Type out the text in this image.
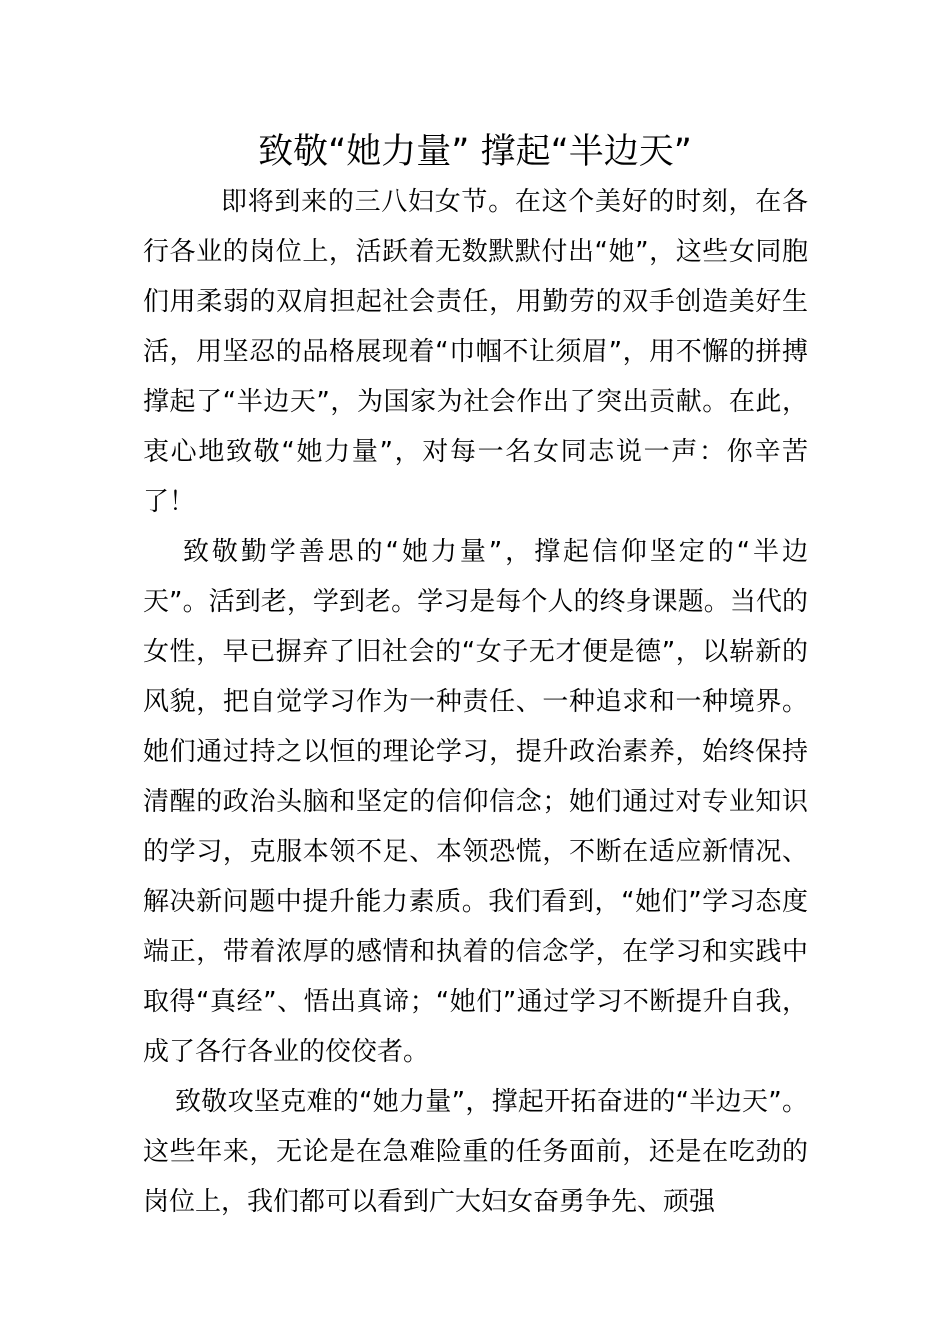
致敬“她力量” 撑起“半边天”

即将到来的三八妇女节。在这个美好的时刻，在各行各业的岗位上，活跃着无数默默付出“她”，这些女同胞们用柔弱的双肩担起社会责任，用勤劳的双手创造美好生活，用坚忍的品格展现着“巾帼不让须眉”，用不懈的拼搏撑起了“半边天”，为国家为社会作出了突出贡献。在此，衷心地致敬“她力量”，对每一名女同志说一声：你辛苦了！

致敬勤学善思的“她力量”，撑起信仰坚定的“半边天”。活到老，学到老。学习是每个人的终身课题。当代的女性，早已摒弃了旧社会的“女子无才便是德”，以崭新的风貌，把自觉学习作为一种责任、一种追求和一种境界。她们通过持之以恒的理论学习，提升政治素养，始终保持清醒的政治头脑和坚定的信仰信念；她们通过对专业知识的学习，克服本领不足、本领恐慌，不断在适应新情况、解决新问题中提升能力素质。我们看到，“她们”学习态度端正，带着浓厚的感情和执着的信念学，在学习和实践中取得“真经”、悟出真谛；“她们”通过学习不断提升自我，成了各行各业的佼佼者。

致敬攻坚克难的“她力量”，撑起开拓奋进的“半边天”。这些年来，无论是在急难险重的任务面前，还是在吃劲的岗位上，我们都可以看到广大妇女奋勇争先、顽强
